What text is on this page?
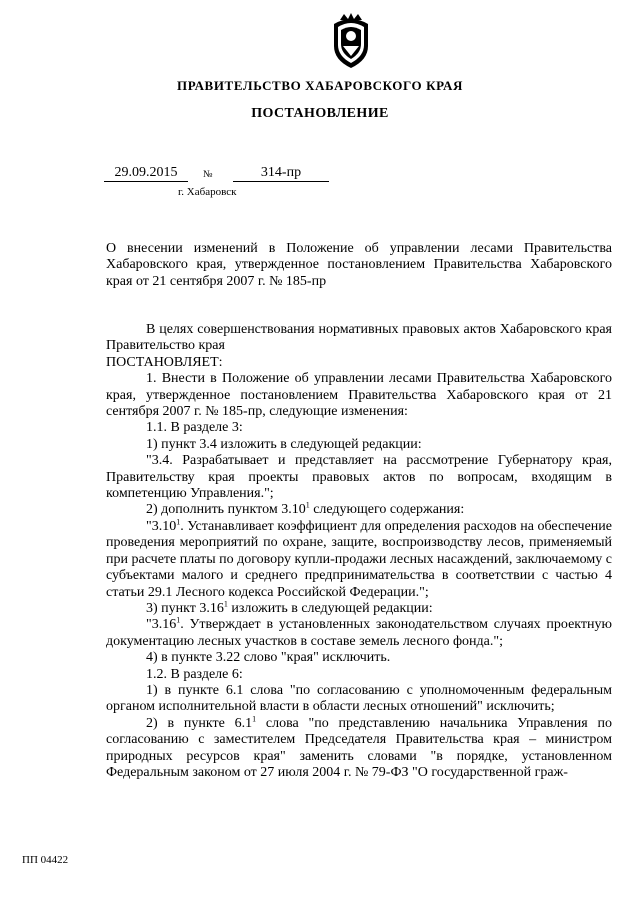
ПРАВИТЕЛЬСТВО ХАБАРОВСКОГО КРАЯ
ПОСТАНОВЛЕНИЕ
29.09.2015	№	314-пр
г. Хабаровск
О внесении изменений в Положение об управлении лесами Правительства Хабаровского края, утвержденное постановлением Правительства Хабаровского края от 21 сентября 2007 г. № 185-пр

В целях совершенствования нормативных правовых актов Хабаровского края Правительство края

ПОСТАНОВЛЯЕТ:

1. Внести в Положение об управлении лесами Правительства Хабаровского края, утвержденное постановлением Правительства Хабаровского края от 21 сентября 2007 г. № 185-пр, следующие изменения:

1.1. В разделе 3:

1) пункт 3.4 изложить в следующей редакции:

"3.4. Разрабатывает и представляет на рассмотрение Губернатору края, Правительству края проекты правовых актов по вопросам, входящим в компетенцию Управления.";

2) дополнить пунктом 3.10$^1$ следующего содержания:

"3.10$^1$. Устанавливает коэффициент для определения расходов на обеспечение проведения мероприятий по охране, защите, воспроизводству лесов, применяемый при расчете платы по договору купли-продажи лесных насаждений, заключаемому с субъектами малого и среднего предпринимательства в соответствии с частью 4 статьи 29.1 Лесного кодекса Российской Федерации.";

3) пункт 3.16$^1$ изложить в следующей редакции:

"3.16$^1$. Утверждает в установленных законодательством случаях проектную документацию лесных участков в составе земель лесного фонда.";

4) в пункте 3.22 слово "края" исключить.

1.2. В разделе 6:

1) в пункте 6.1 слова "по согласованию с уполномоченным федеральным органом исполнительной власти в области лесных отношений" исключить;

2) в пункте $6.1^1$ слова "по представлению начальника Управления по согласованию с заместителем Председателя Правительства края – министром природных ресурсов края" заменить словами "в порядке, установленном Федеральным законом от 27 июля 2004 г. № 79-ФЗ "О государственной граж-

ПП 04422
